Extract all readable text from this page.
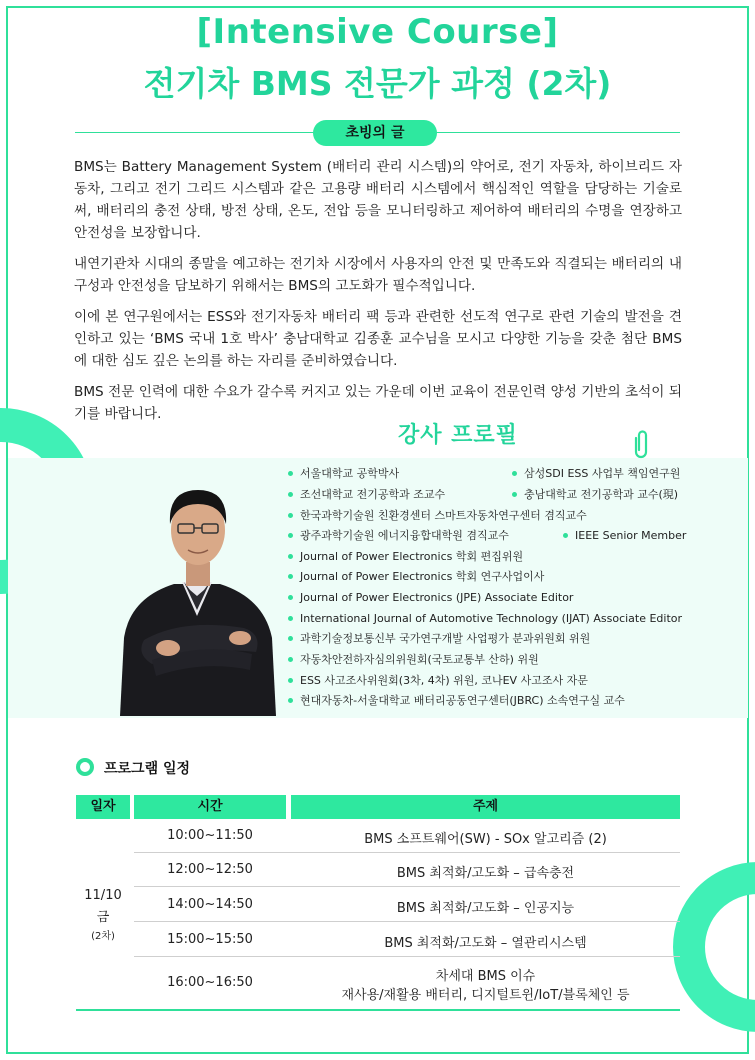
[Intensive Course]
전기차 BMS 전문가 과정 (2차)
초빙의 글

BMS는 Battery Management System (배터리 관리 시스템)의 약어로, 전기 자동차, 하이브리드 자동차, 그리고 전기 그리드 시스템과 같은 고용량 배터리 시스템에서 핵심적인 역할을 담당하는 기술로써, 배터리의 충전 상태, 방전 상태, 온도, 전압 등을 모니터링하고 제어하여 배터리의 수명을 연장하고 안전성을 보장합니다.

내연기관차 시대의 종말을 예고하는 전기차 시장에서 사용자의 안전 및 만족도와 직결되는 배터리의 내구성과 안전성을 담보하기 위해서는 BMS의 고도화가 필수적입니다.

이에 본 연구원에서는 ESS와 전기자동차 배터리 팩 등과 관련한 선도적 연구로 관련 기술의 발전을 견인하고 있는 ‘BMS 국내 1호 박사’ 충남대학교 김종훈 교수님을 모시고 다양한 기능을 갖춘 첨단 BMS에 대한 심도 깊은 논의를 하는 자리를 준비하였습니다.

BMS 전문 인력에 대한 수요가 갈수록 커지고 있는 가운데 이번 교육이 전문인력 양성 기반의 초석이 되기를 바랍니다.

강사 프로필
서울대학교 공학박사	삼성SDI ESS 사업부 책임연구원
조선대학교 전기공학과 조교수	충남대학교 전기공학과 교수(現)
한국과학기술원 친환경센터 스마트자동차연구센터 겸직교수
광주과학기술원 에너지융합대학원 겸직교수	IEEE Senior Member
Journal of Power Electronics 학회 편집위원
Journal of Power Electronics 학회 연구사업이사
Journal of Power Electronics (JPE) Associate Editor
International Journal of Automotive Technology (IJAT) Associate Editor
과학기술정보통신부 국가연구개발 사업평가 분과위원회 위원
자동차안전하자심의위원회(국토교통부 산하) 위원
ESS 사고조사위원회(3차, 4차) 위원, 코나EV 사고조사 자문
현대자동차-서울대학교 배터리공동연구센터(JBRC) 소속연구실 교수
프로그램 일정
일자	시간	주제
11/10
금
(2차)
10:00~11:50	BMS 소프트웨어(SW) - SOx 알고리즘 (2)
12:00~12:50	BMS 최적화/고도화 – 급속충전
14:00~14:50	BMS 최적화/고도화 – 인공지능
15:00~15:50	BMS 최적화/고도화 – 열관리시스템
16:00~16:50	차세대 BMS 이슈
재사용/재활용 배터리, 디지털트윈/IoT/블록체인 등
